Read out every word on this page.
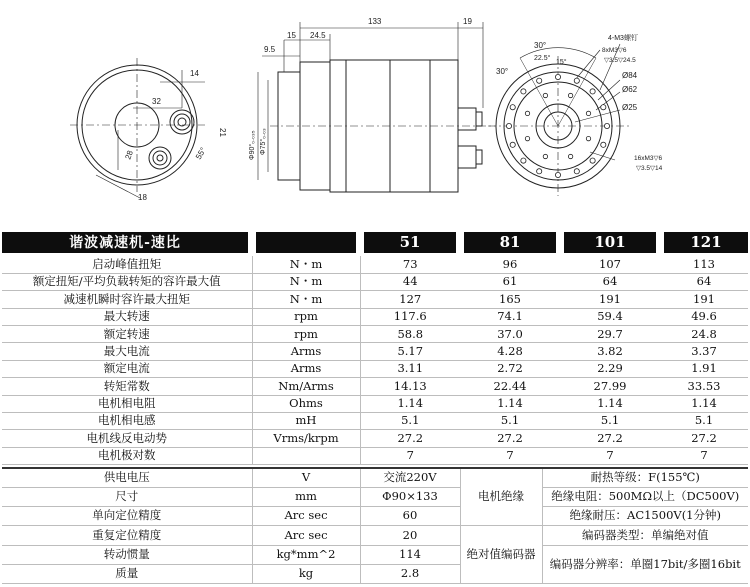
14
32
28	55°
18
21
133	19
15 24.5
9.5
Φ90°₀.₀₃₅ Φ75°₀.₀₃
30°
30°
22.5°
15°
4-M3螺钉
8xM3▽6
▽3.5▽24.5
Ø84
Ø62
Ø25
16xM3▽6
▽3.5▽14
谐波减速机-速比		51	81	101	121

启动峰值扭矩	N・m	73	96	107	113
额定扭矩/平均负载转矩的容许最大值	N・m	44	61	64	64
减速机瞬时容许最大扭矩	N・m	127	165	191	191
最大转速	rpm	117.6	74.1	59.4	49.6
额定转速	rpm	58.8	37.0	29.7	24.8
最大电流	Arms	5.17	4.28	3.82	3.37
额定电流	Arms	3.11	2.72	2.29	1.91
转矩常数	Nm/Arms	14.13	22.44	27.99	33.53
电机相电阻	Ohms	1.14	1.14	1.14	1.14
电机相电感	mH	5.1	5.1	5.1	5.1
电机线反电动势	Vrms/krpm	27.2	27.2	27.2	27.2
电机极对数		7	7	7	7
供电电压	V	交流220V	电机绝缘	耐热等级：F(155℃)
尺寸	mm	Φ90×133		绝缘电阻：500MΩ以上（DC500V)
单向定位精度	Arc sec	60		绝缘耐压：AC1500V(1分钟)
重复定位精度	Arc sec	20	绝对值编码器	编码器类型：单编绝对值
转动惯量	kg*mm^2	114		编码器分辨率：单圈17bit/多圈16bit
质量	kg	2.8		
